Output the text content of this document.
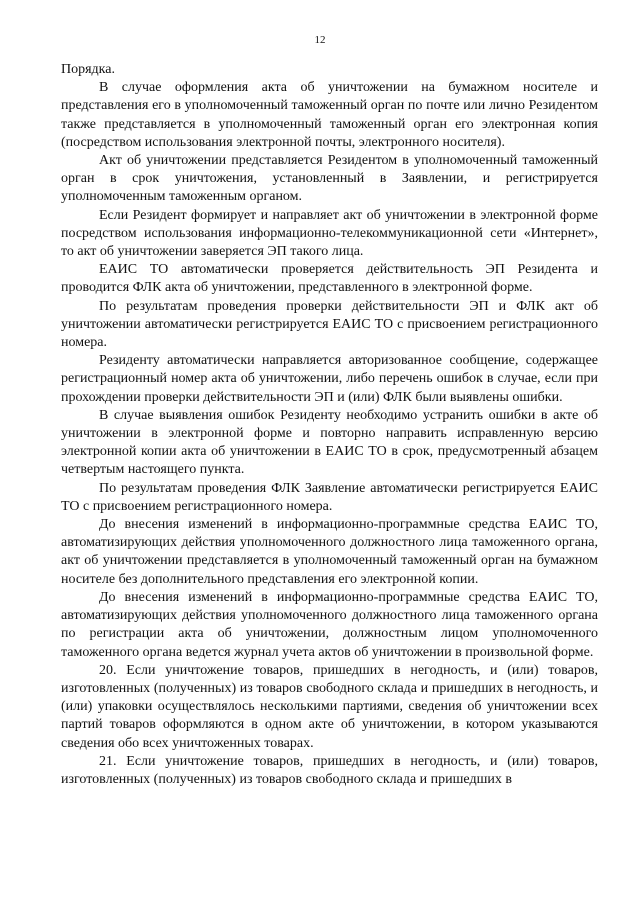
12

Порядка.

В случае оформления акта об уничтожении на бумажном носителе и представления его в уполномоченный таможенный орган по почте или лично Резидентом также представляется в уполномоченный таможенный орган его электронная копия (посредством использования электронной почты, электронного носителя).

Акт об уничтожении представляется Резидентом в уполномоченный таможенный орган в срок уничтожения, установленный в Заявлении, и регистрируется уполномоченным таможенным органом.

Если Резидент формирует и направляет акт об уничтожении в электронной форме посредством использования информационно-телекоммуникационной сети «Интернет», то акт об уничтожении заверяется ЭП такого лица.

ЕАИС ТО автоматически проверяется действительность ЭП Резидента и проводится ФЛК акта об уничтожении, представленного в электронной форме.

По результатам проведения проверки действительности ЭП и ФЛК акт об уничтожении автоматически регистрируется ЕАИС ТО с присвоением регистрационного номера.

Резиденту автоматически направляется авторизованное сообщение, содержащее регистрационный номер акта об уничтожении, либо перечень ошибок в случае, если при прохождении проверки действительности ЭП и (или) ФЛК были выявлены ошибки.

В случае выявления ошибок Резиденту необходимо устранить ошибки в акте об уничтожении в электронной форме и повторно направить исправленную версию электронной копии акта об уничтожении в ЕАИС ТО в срок, предусмотренный абзацем четвертым настоящего пункта.

По результатам проведения ФЛК Заявление автоматически регистрируется ЕАИС ТО с присвоением регистрационного номера.

До внесения изменений в информационно-программные средства ЕАИС ТО, автоматизирующих действия уполномоченного должностного лица таможенного органа, акт об уничтожении представляется в уполномоченный таможенный орган на бумажном носителе без дополнительного представления его электронной копии.

До внесения изменений в информационно-программные средства ЕАИС ТО, автоматизирующих действия уполномоченного должностного лица таможенного органа по регистрации акта об уничтожении, должностным лицом уполномоченного таможенного органа ведется журнал учета актов об уничтожении в произвольной форме.

20. Если уничтожение товаров, пришедших в негодность, и (или) товаров, изготовленных (полученных) из товаров свободного склада и пришедших в негодность, и (или) упаковки осуществлялось несколькими партиями, сведения об уничтожении всех партий товаров оформляются в одном акте об уничтожении, в котором указываются сведения обо всех уничтоженных товарах.

21. Если уничтожение товаров, пришедших в негодность, и (или) товаров, изготовленных (полученных) из товаров свободного склада и пришедших в
